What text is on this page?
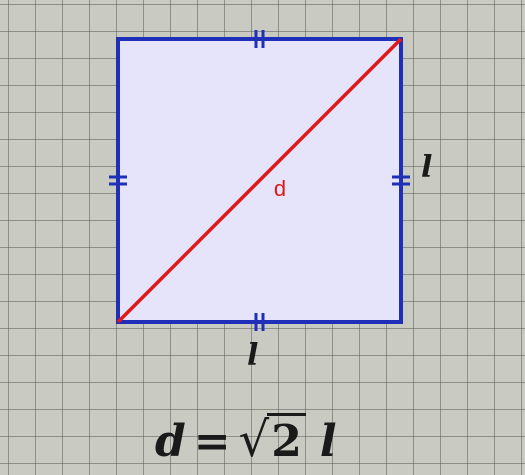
d
l
l
d = √2 l
